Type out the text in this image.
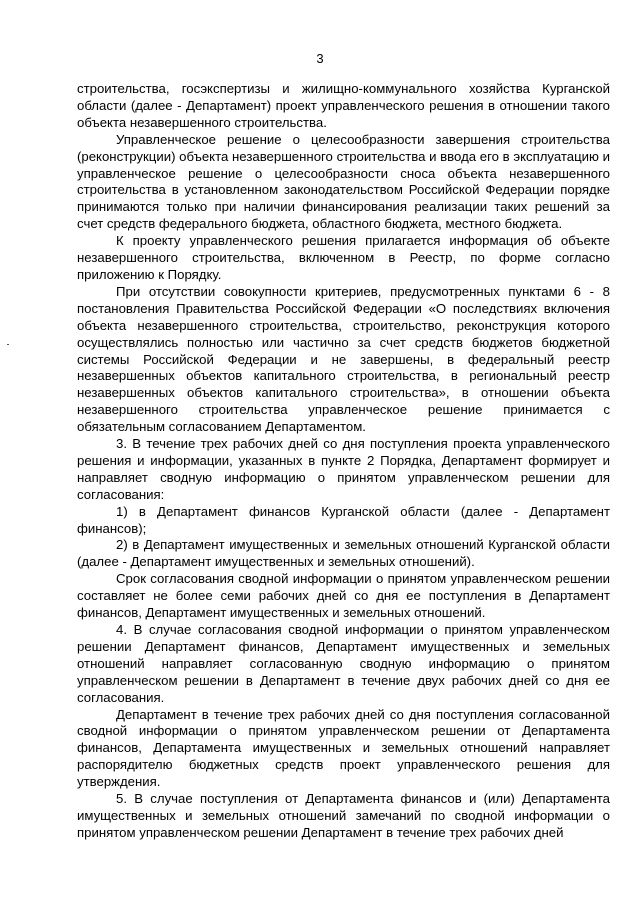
3

строительства, госэкспертизы и жилищно-коммунального хозяйства Курганской области (далее - Департамент) проект управленческого решения в отношении такого объекта незавершенного строительства.

Управленческое решение о целесообразности завершения строительства (реконструкции) объекта незавершенного строительства и ввода его в эксплуатацию и управленческое решение о целесообразности сноса объекта незавершенного строительства в установленном законодательством Российской Федерации порядке принимаются только при наличии финансирования реализации таких решений за счет средств федерального бюджета, областного бюджета, местного бюджета.

К проекту управленческого решения прилагается информация об объекте незавершенного строительства, включенном в Реестр, по форме согласно приложению к Порядку.

При отсутствии совокупности критериев, предусмотренных пунктами 6 - 8 постановления Правительства Российской Федерации «О последствиях включения объекта незавершенного строительства, строительство, реконструкция которого осуществлялись полностью или частично за счет средств бюджетов бюджетной системы Российской Федерации и не завершены, в федеральный реестр незавершенных объектов капитального строительства, в региональный реестр незавершенных объектов капитального строительства», в отношении объекта незавершенного строительства управленческое решение принимается с обязательным согласованием Департаментом.

3. В течение трех рабочих дней со дня поступления проекта управленческого решения и информации, указанных в пункте 2 Порядка, Департамент формирует и направляет сводную информацию о принятом управленческом решении для согласования:

1) в Департамент финансов Курганской области (далее - Департамент финансов);

2) в Департамент имущественных и земельных отношений Курганской области (далее - Департамент имущественных и земельных отношений).

Срок согласования сводной информации о принятом управленческом решении составляет не более семи рабочих дней со дня ее поступления в Департамент финансов, Департамент имущественных и земельных отношений.

4. В случае согласования сводной информации о принятом управленческом решении Департамент финансов, Департамент имущественных и земельных отношений направляет согласованную сводную информацию о принятом управленческом решении в Департамент в течение двух рабочих дней со дня ее согласования.

Департамент в течение трех рабочих дней со дня поступления согласованной сводной информации о принятом управленческом решении от Департамента финансов, Департамента имущественных и земельных отношений направляет распорядителю бюджетных средств проект управленческого решения для утверждения.

5. В случае поступления от Департамента финансов и (или) Департамента имущественных и земельных отношений замечаний по сводной информации о принятом управленческом решении Департамент в течение трех рабочих дней
